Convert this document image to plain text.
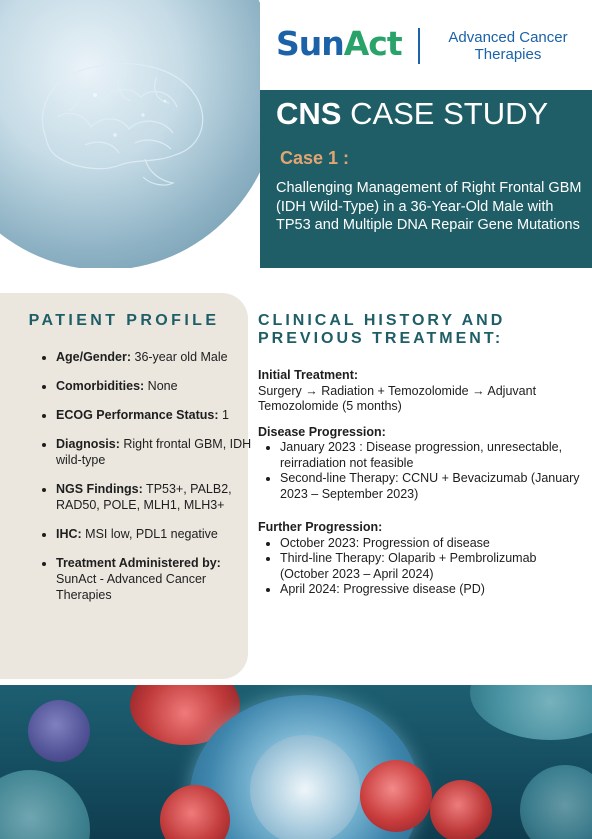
SunAct	Advanced Cancer
Therapies
CNS CASE STUDY
Case 1 :
Challenging Management of Right Frontal GBM (IDH Wild-Type) in a 36-Year-Old Male with TP53 and Multiple DNA Repair Gene Mutations
PATIENT PROFILE
• Age/Gender: 36-year old Male
• Comorbidities: None
• ECOG Performance Status: 1
• Diagnosis: Right frontal GBM, IDH wild-type
• NGS Findings: TP53+, PALB2, RAD50, POLE, MLH1, MLH3+
• IHC: MSI low, PDL1 negative
• Treatment Administered by: SunAct - Advanced Cancer Therapies
CLINICAL HISTORY AND PREVIOUS TREATMENT:

Initial Treatment:

Surgery → Radiation + Temozolomide → Adjuvant Temozolomide (5 months)

Disease Progression:

• January 2023 : Disease progression, unresectable, reirradiation not feasible
• Second-line Therapy: CCNU + Bevacizumab (January 2023 – September 2023)

Further Progression:

• October 2023: Progression of disease
• Third-line Therapy: Olaparib + Pembrolizumab (October 2023 – April 2024)
• April 2024: Progressive disease (PD)
